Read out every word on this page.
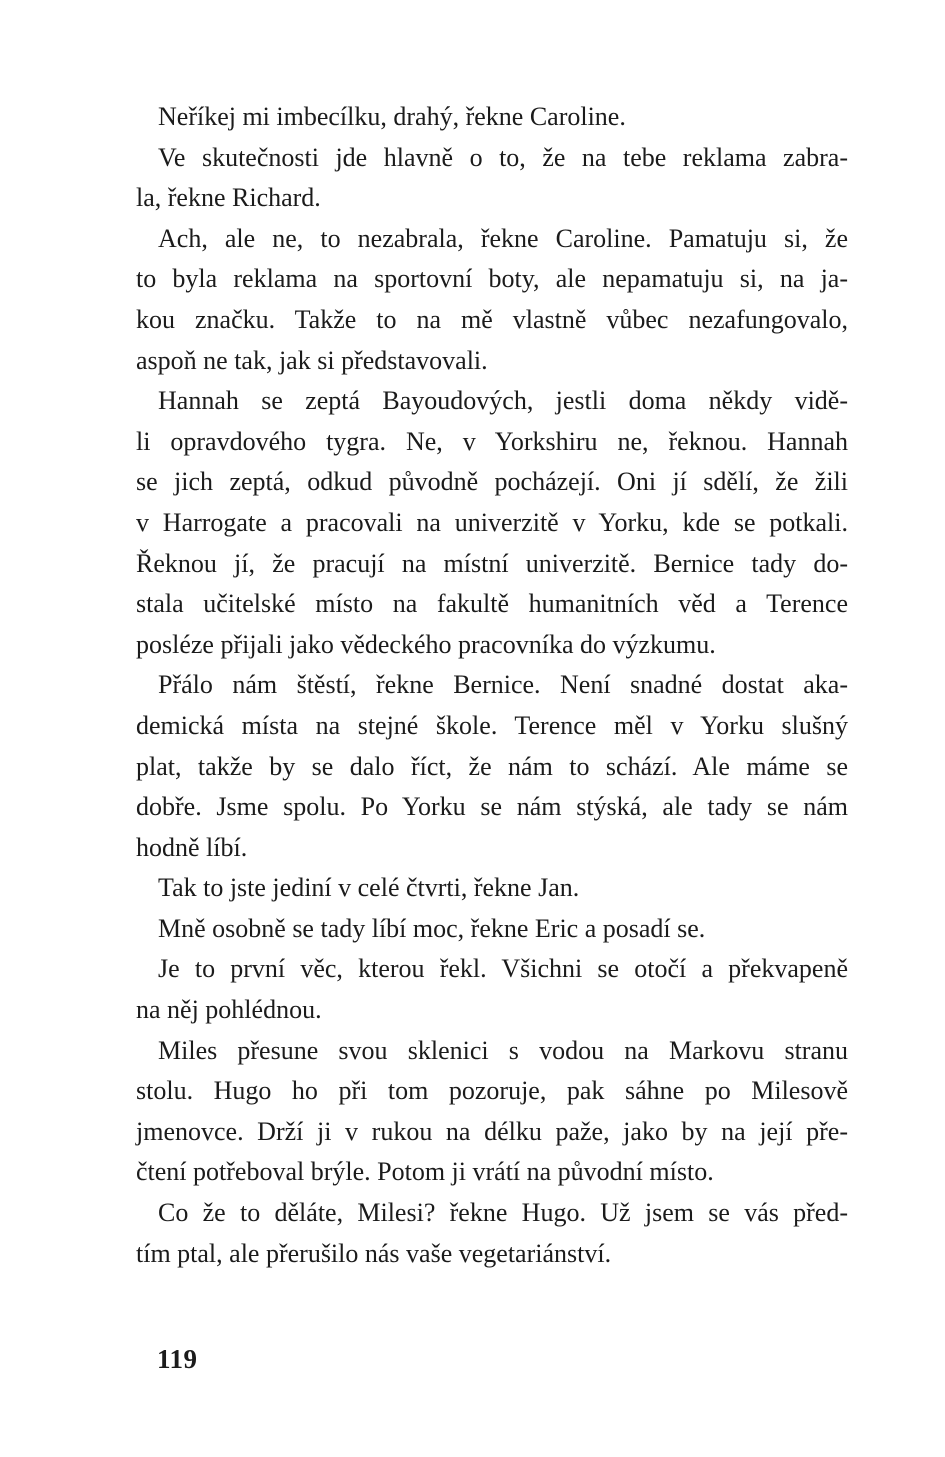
Neříkej mi imbecílku, drahý, řekne Caroline.
Ve skutečnosti jde hlavně o to, že na tebe reklama zabra-
la, řekne Richard.
Ach, ale ne, to nezabrala, řekne Caroline. Pamatuju si, že
to byla reklama na sportovní boty, ale nepamatuju si, na ja-
kou značku. Takže to na mě vlastně vůbec nezafungovalo,
aspoň ne tak, jak si představovali.
Hannah se zeptá Bayoudových, jestli doma někdy vidě-
li opravdového tygra. Ne, v Yorkshiru ne, řeknou. Hannah
se jich zeptá, odkud původně pocházejí. Oni jí sdělí, že žili
v Harrogate a pracovali na univerzitě v Yorku, kde se potkali.
Řeknou jí, že pracují na místní univerzitě. Bernice tady do-
stala učitelské místo na fakultě humanitních věd a Terence
posléze přijali jako vědeckého pracovníka do výzkumu.
Přálo nám štěstí, řekne Bernice. Není snadné dostat aka-
demická místa na stejné škole. Terence měl v Yorku slušný
plat, takže by se dalo říct, že nám to schází. Ale máme se
dobře. Jsme spolu. Po Yorku se nám stýská, ale tady se nám
hodně líbí.
Tak to jste jediní v celé čtvrti, řekne Jan.
Mně osobně se tady líbí moc, řekne Eric a posadí se.
Je to první věc, kterou řekl. Všichni se otočí a překvapeně
na něj pohlédnou.
Miles přesune svou sklenici s vodou na Markovu stranu
stolu. Hugo ho při tom pozoruje, pak sáhne po Milesově
jmenovce. Drží ji v rukou na délku paže, jako by na její pře-
čtení potřeboval brýle. Potom ji vrátí na původní místo.
Co že to děláte, Milesi? řekne Hugo. Už jsem se vás před-
tím ptal, ale přerušilo nás vaše vegetariánství.
119
